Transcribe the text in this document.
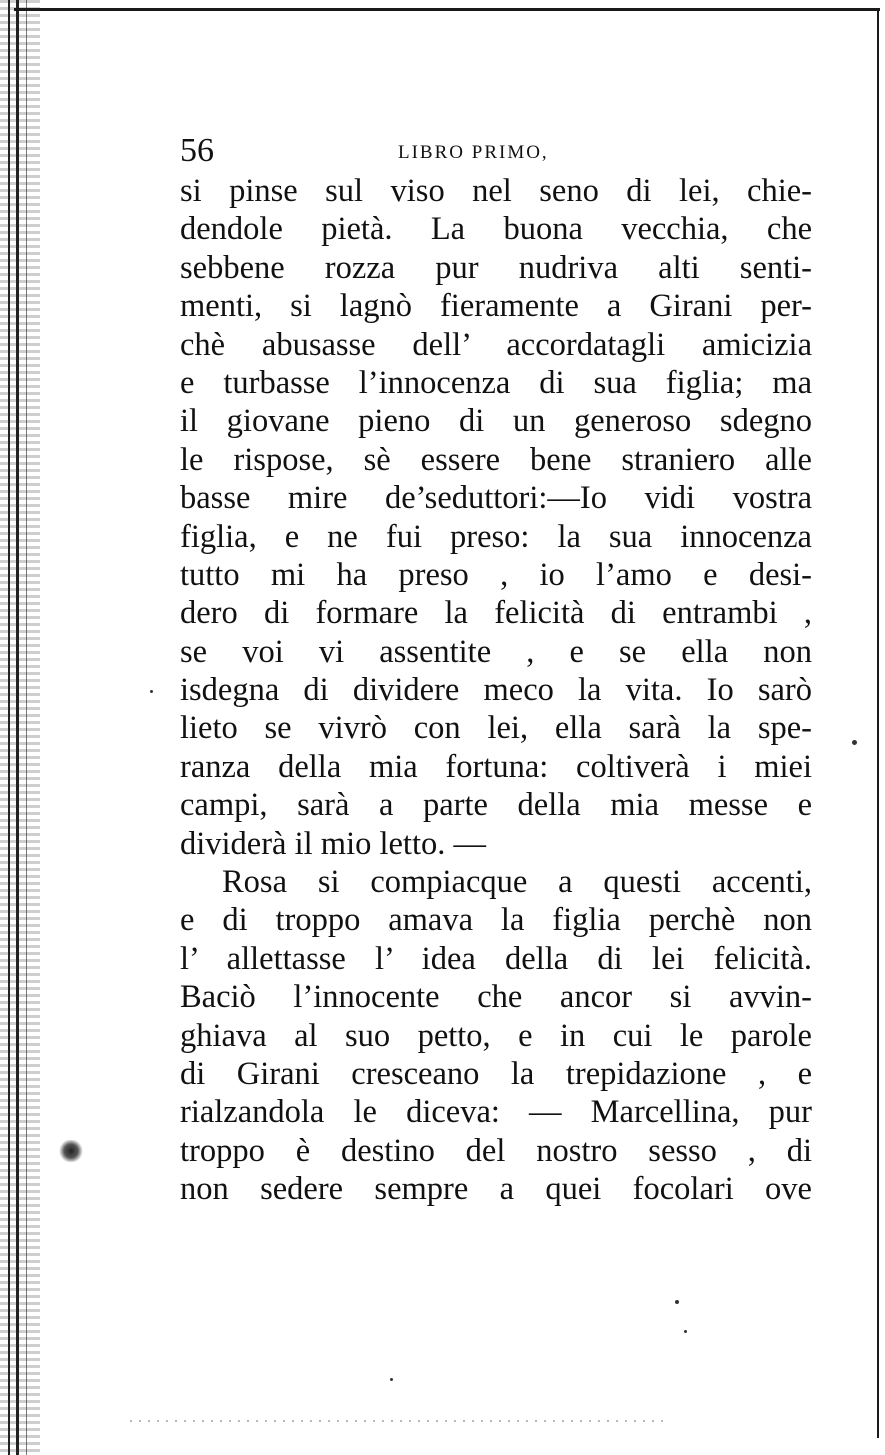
56	LIBRO PRIMO,
si pinse sul viso nel seno di lei, chie-
dendole pietà. La buona vecchia, che
sebbene rozza pur nudriva alti senti-
menti, si lagnò fieramente a Girani per-
chè abusasse dell’ accordatagli amicizia
e turbasse l’innocenza di sua figlia; ma
il giovane pieno di un generoso sdegno
le rispose, sè essere bene straniero alle
basse mire de’seduttori:—Io vidi vostra
figlia, e ne fui preso: la sua innocenza
tutto mi ha preso , io l’amo e desi-
dero di formare la felicità di entrambi ,
se voi vi assentite , e se ella non
isdegna di dividere meco la vita. Io sarò
lieto se vivrò con lei, ella sarà la spe-
ranza della mia fortuna: coltiverà i miei
campi, sarà a parte della mia messe e
dividerà il mio letto. —
Rosa si compiacque a questi accenti,
e di troppo amava la figlia perchè non
l’ allettasse l’ idea della di lei felicità.
Baciò l’innocente che ancor si avvin-
ghiava al suo petto, e in cui le parole
di Girani cresceano la trepidazione , e
rialzandola le diceva: — Marcellina, pur
troppo è destino del nostro sesso , di
non sedere sempre a quei focolari ove
